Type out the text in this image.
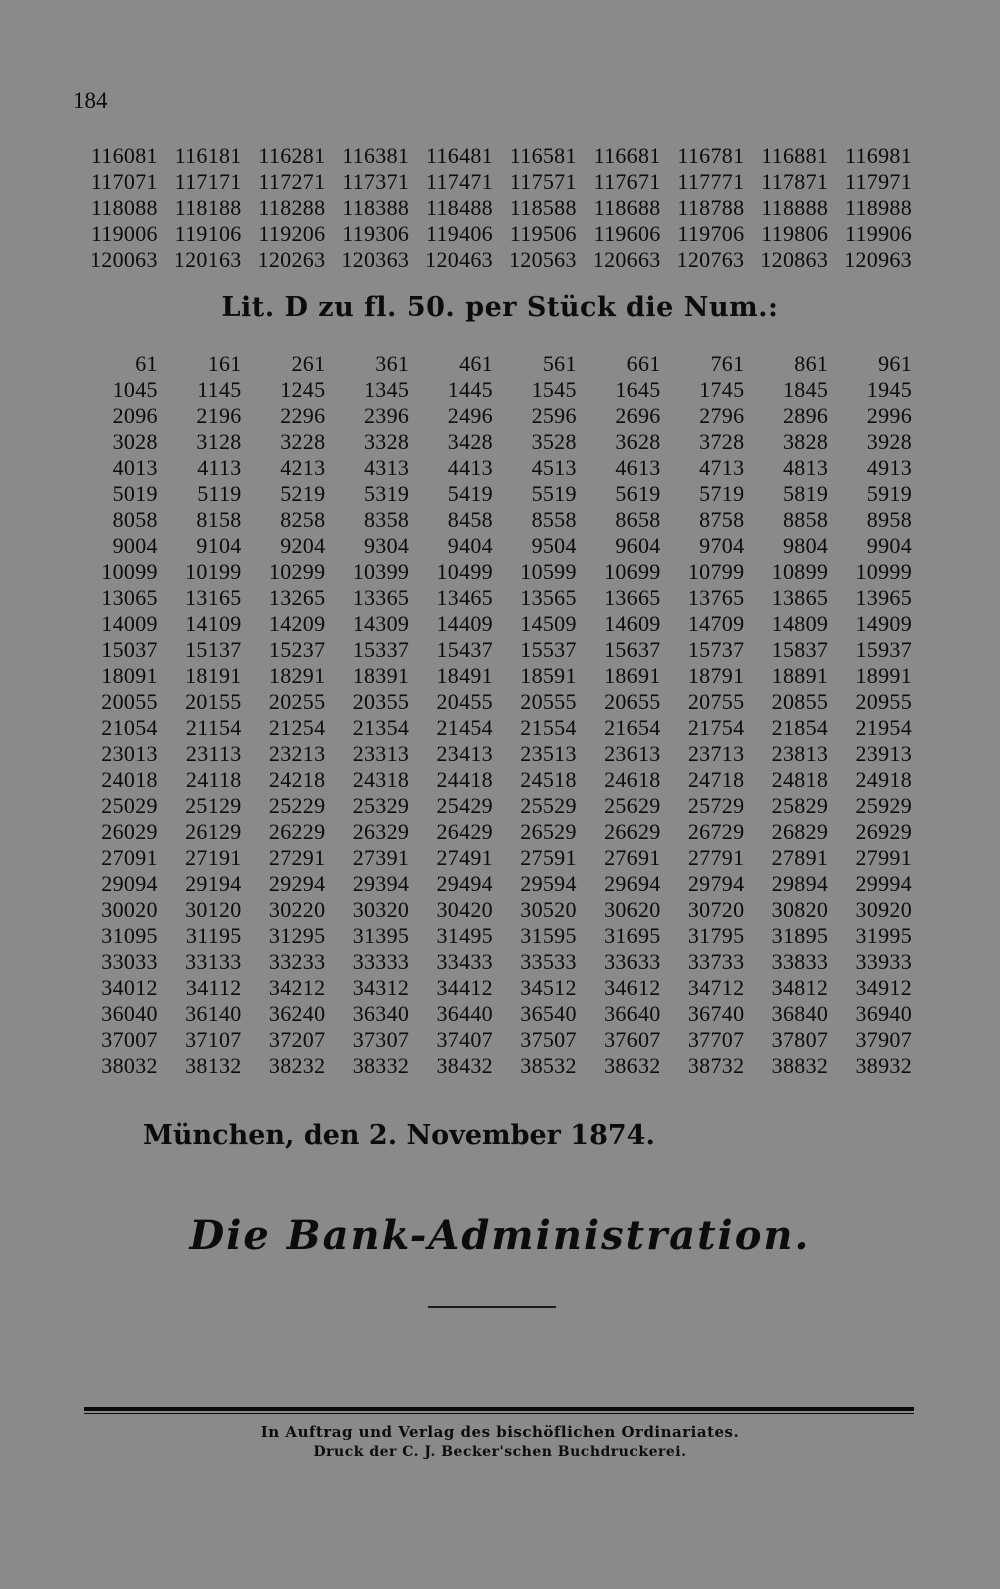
184
116081	116181	116281	116381	116481	116581	116681	116781	116881	116981
117071	117171	117271	117371	117471	117571	117671	117771	117871	117971
118088	118188	118288	118388	118488	118588	118688	118788	118888	118988
119006	119106	119206	119306	119406	119506	119606	119706	119806	119906
120063	120163	120263	120363	120463	120563	120663	120763	120863	120963
Lit. D zu fl. 50. per Stück die Num.:
61	161	261	361	461	561	661	761	861	961
1045	1145	1245	1345	1445	1545	1645	1745	1845	1945
2096	2196	2296	2396	2496	2596	2696	2796	2896	2996
3028	3128	3228	3328	3428	3528	3628	3728	3828	3928
4013	4113	4213	4313	4413	4513	4613	4713	4813	4913
5019	5119	5219	5319	5419	5519	5619	5719	5819	5919
8058	8158	8258	8358	8458	8558	8658	8758	8858	8958
9004	9104	9204	9304	9404	9504	9604	9704	9804	9904
10099	10199	10299	10399	10499	10599	10699	10799	10899	10999
13065	13165	13265	13365	13465	13565	13665	13765	13865	13965
14009	14109	14209	14309	14409	14509	14609	14709	14809	14909
15037	15137	15237	15337	15437	15537	15637	15737	15837	15937
18091	18191	18291	18391	18491	18591	18691	18791	18891	18991
20055	20155	20255	20355	20455	20555	20655	20755	20855	20955
21054	21154	21254	21354	21454	21554	21654	21754	21854	21954
23013	23113	23213	23313	23413	23513	23613	23713	23813	23913
24018	24118	24218	24318	24418	24518	24618	24718	24818	24918
25029	25129	25229	25329	25429	25529	25629	25729	25829	25929
26029	26129	26229	26329	26429	26529	26629	26729	26829	26929
27091	27191	27291	27391	27491	27591	27691	27791	27891	27991
29094	29194	29294	29394	29494	29594	29694	29794	29894	29994
30020	30120	30220	30320	30420	30520	30620	30720	30820	30920
31095	31195	31295	31395	31495	31595	31695	31795	31895	31995
33033	33133	33233	33333	33433	33533	33633	33733	33833	33933
34012	34112	34212	34312	34412	34512	34612	34712	34812	34912
36040	36140	36240	36340	36440	36540	36640	36740	36840	36940
37007	37107	37207	37307	37407	37507	37607	37707	37807	37907
38032	38132	38232	38332	38432	38532	38632	38732	38832	38932
München, den 2. November 1874.
Die Bank-Administration.
In Auftrag und Verlag des bischöflichen Ordinariates.
Druck der C. J. Becker'schen Buchdruckerei.
